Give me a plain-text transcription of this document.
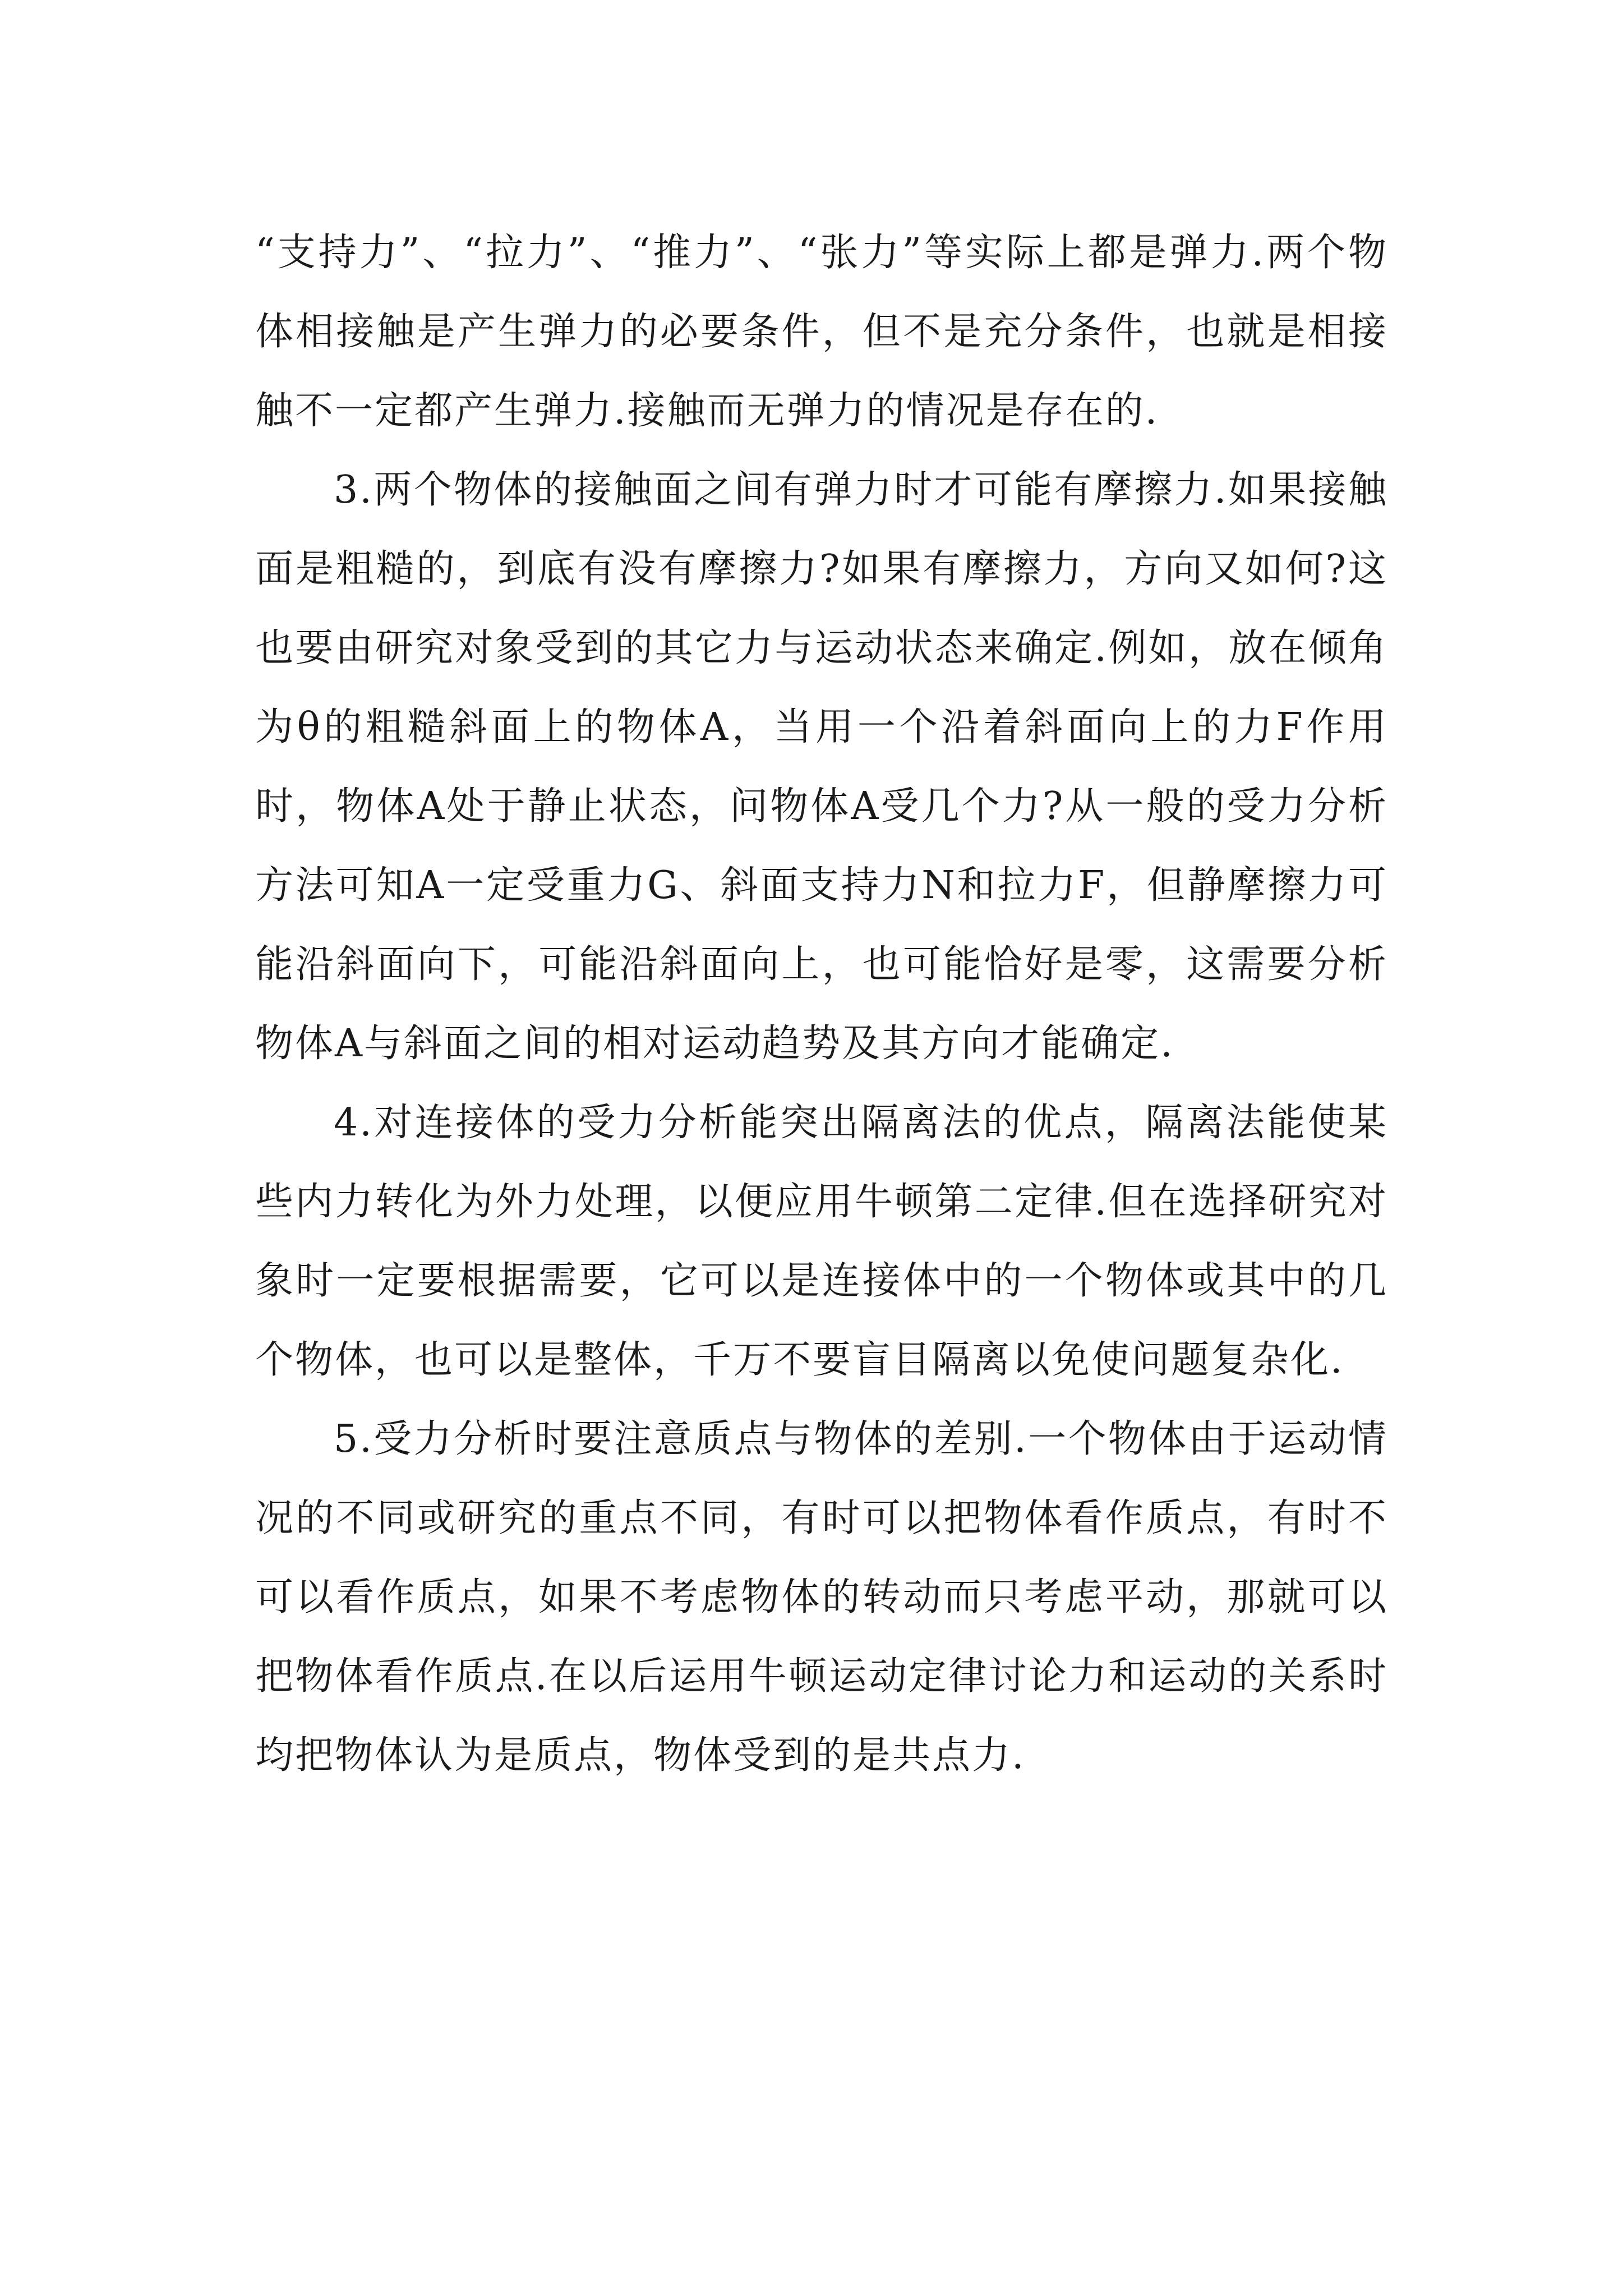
“支持力”、“拉力”、“推力”、“张力”等实际上都是弹力.两个物体相接触是产生弹力的必要条件，但不是充分条件，也就是相接触不一定都产生弹力.接触而无弹力的情况是存在的.

3.两个物体的接触面之间有弹力时才可能有摩擦力.如果接触面是粗糙的，到底有没有摩擦力?如果有摩擦力，方向又如何?这也要由研究对象受到的其它力与运动状态来确定.例如，放在倾角为θ的粗糙斜面上的物体A，当用一个沿着斜面向上的力F作用时，物体A处于静止状态，问物体A受几个力?从一般的受力分析方法可知A一定受重力G、斜面支持力N和拉力F，但静摩擦力可能沿斜面向下，可能沿斜面向上，也可能恰好是零，这需要分析物体A与斜面之间的相对运动趋势及其方向才能确定.

4.对连接体的受力分析能突出隔离法的优点，隔离法能使某些内力转化为外力处理，以便应用牛顿第二定律.但在选择研究对象时一定要根据需要，它可以是连接体中的一个物体或其中的几个物体，也可以是整体，千万不要盲目隔离以免使问题复杂化.

5.受力分析时要注意质点与物体的差别.一个物体由于运动情况的不同或研究的重点不同，有时可以把物体看作质点，有时不可以看作质点，如果不考虑物体的转动而只考虑平动，那就可以把物体看作质点.在以后运用牛顿运动定律讨论力和运动的关系时均把物体认为是质点，物体受到的是共点力.
